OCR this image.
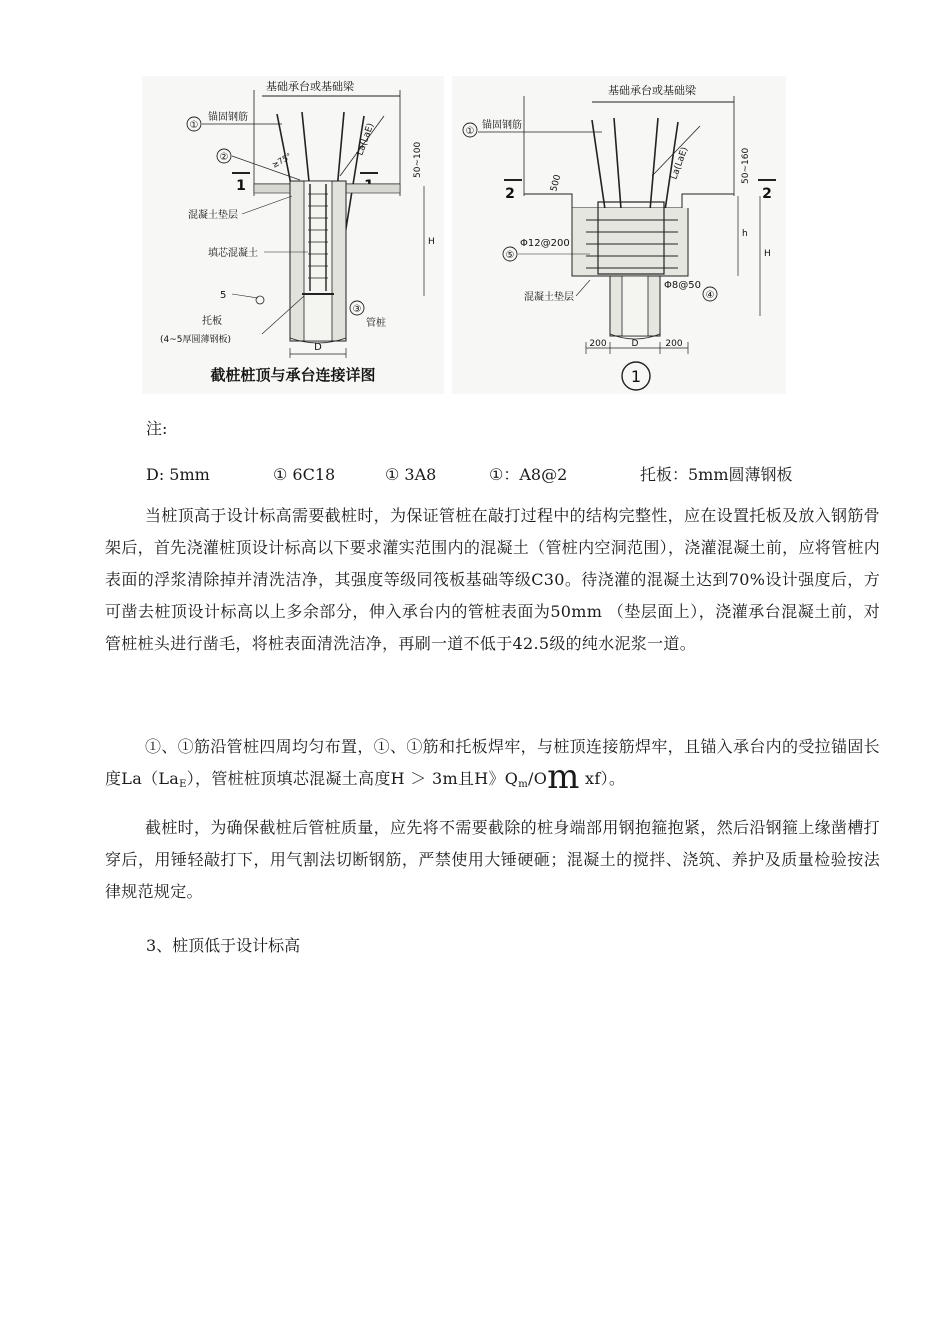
基础承台或基础梁
①
锚固钢筋
②	≥75°
La(LaE)
50~100
1
混凝土垫层
填芯混凝土
H
5
③
管桩
托板
(4~5厚圆薄钢板)
D
截桩桩顶与承台连接详图
基础承台或基础梁
①
锚固钢筋
500
La(LaE)	50~160
2	2
⑤
Φ12@200
混凝土垫层
Φ8@50
④
h
H
200	D	200
1
注:
D: 5mm	① 6C18	① 3A8	①：A8@2	托板：5mm圆薄钢板
当桩顶高于设计标高需要截桩时，为保证管桩在敲打过程中的结构完整性，应在设置托板及放入钢筋骨架后，首先浇灌桩顶设计标高以下要求灌实范围内的混凝土（管桩内空洞范围），浇灌混凝土前，应将管桩内表面的浮浆清除掉并清洗洁净，其强度等级同筏板基础等级C30。待浇灌的混凝土达到70%设计强度后，方可凿去桩顶设计标高以上多余部分，伸入承台内的管桩表面为50mm （垫层面上），浇灌承台混凝土前，对管桩桩头进行凿毛，将桩表面清洗洁净，再刷一道不低于42.5级的纯水泥浆一道。
①、①筋沿管桩四周均匀布置，①、①筋和托板焊牢，与桩顶连接筋焊牢，且锚入承台内的受拉锚固长度$La(La_E)$，管桩桩顶填芯混凝土高度H ＞ 3m且H》$Q_m/Om$ xf）。
截桩时，为确保截桩后管桩质量，应先将不需要截除的桩身端部用钢抱箍抱紧，然后沿钢箍上缘凿槽打穿后，用锤轻敲打下，用气割法切断钢筋，严禁使用大锤硬砸；混凝土的搅拌、浇筑、养护及质量检验按法律规范规定。
3、桩顶低于设计标高
